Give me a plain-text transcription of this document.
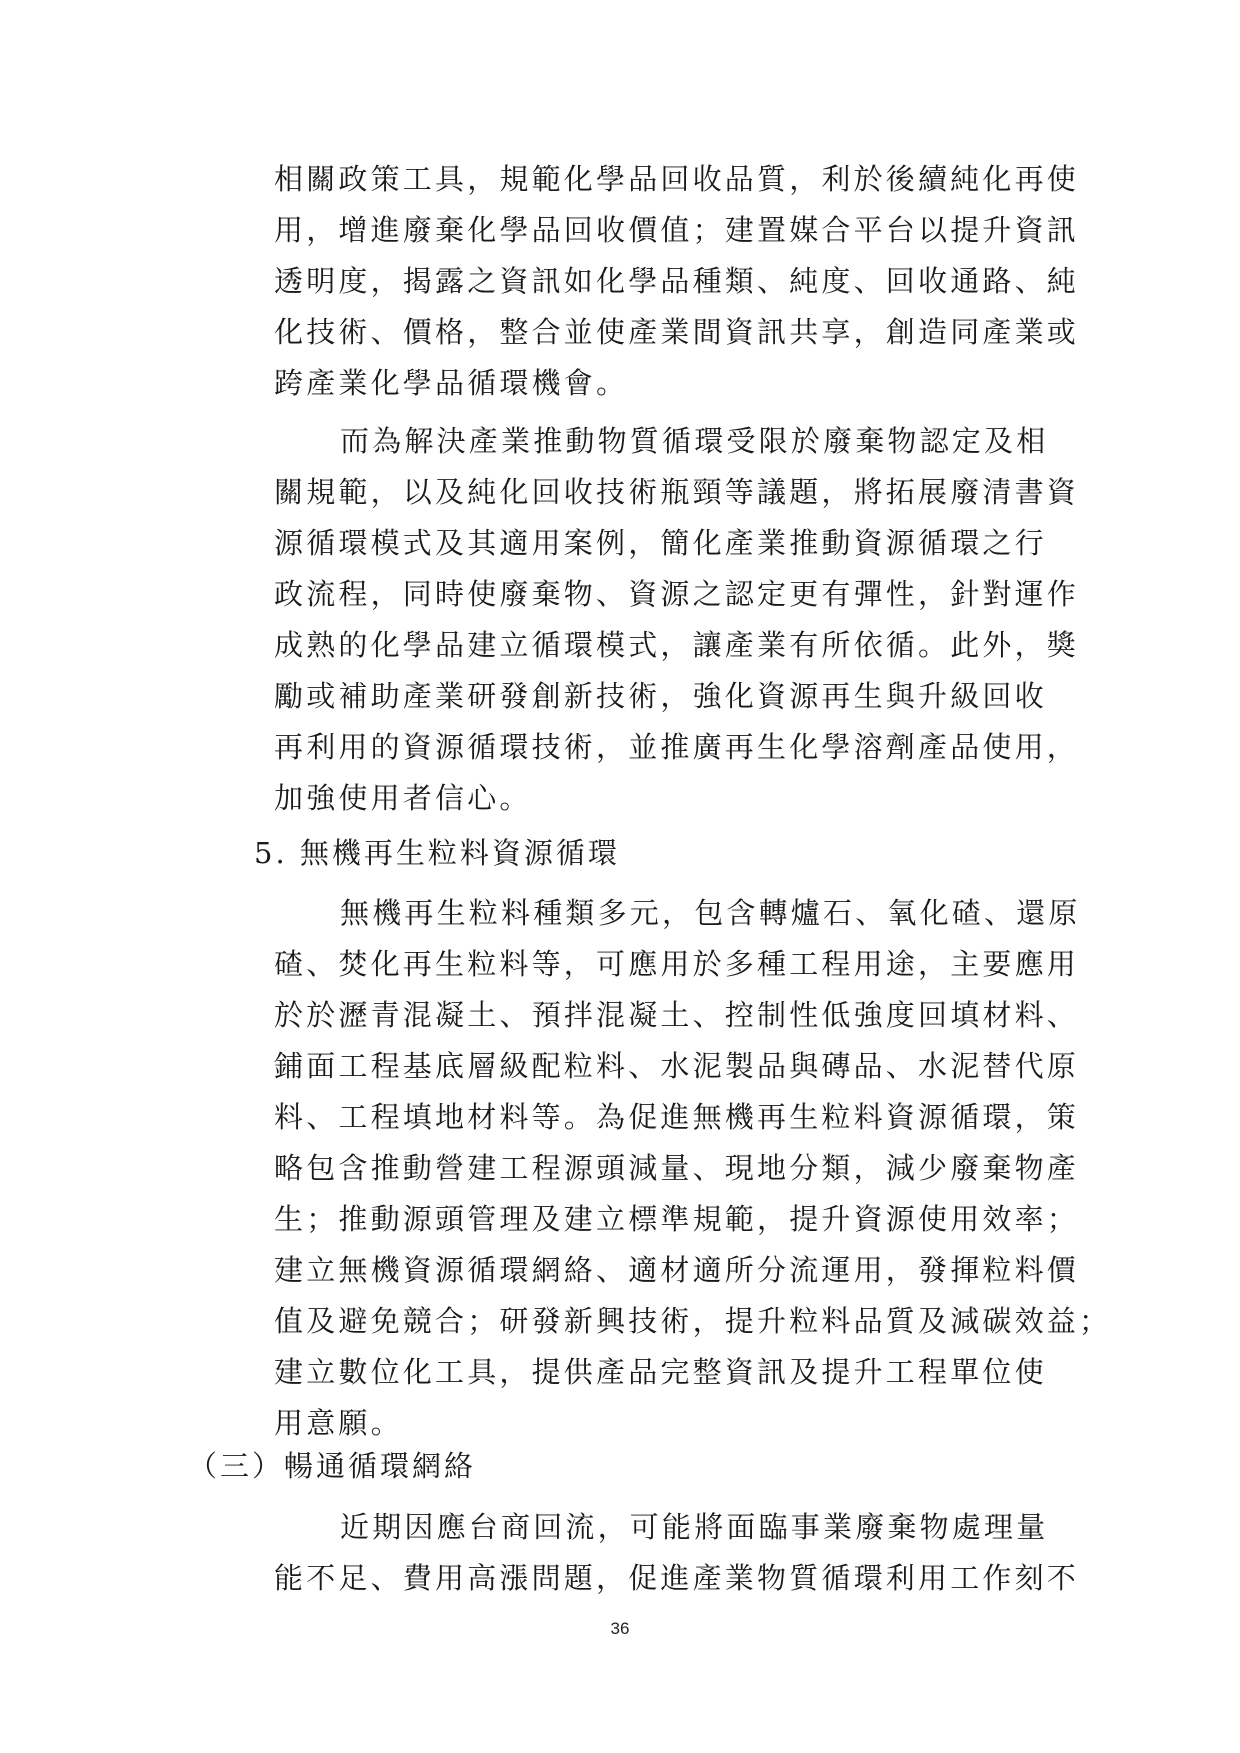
相關政策工具，規範化學品回收品質，利於後續純化再使
用，增進廢棄化學品回收價值；建置媒合平台以提升資訊
透明度，揭露之資訊如化學品種類、純度、回收通路、純
化技術、價格，整合並使產業間資訊共享，創造同產業或
跨產業化學品循環機會。
而為解決產業推動物質循環受限於廢棄物認定及相
關規範，以及純化回收技術瓶頸等議題，將拓展廢清書資
源循環模式及其適用案例，簡化產業推動資源循環之行
政流程，同時使廢棄物、資源之認定更有彈性，針對運作
成熟的化學品建立循環模式，讓產業有所依循。此外，獎
勵或補助產業研發創新技術，強化資源再生與升級回收
再利用的資源循環技術，並推廣再生化學溶劑產品使用，
加強使用者信心。
5. 無機再生粒料資源循環
無機再生粒料種類多元，包含轉爐石、氧化碴、還原
碴、焚化再生粒料等，可應用於多種工程用途，主要應用
於於瀝青混凝土、預拌混凝土、控制性低強度回填材料、
鋪面工程基底層級配粒料、水泥製品與磚品、水泥替代原
料、工程填地材料等。為促進無機再生粒料資源循環，策
略包含推動營建工程源頭減量、現地分類，減少廢棄物產
生；推動源頭管理及建立標準規範，提升資源使用效率；
建立無機資源循環網絡、適材適所分流運用，發揮粒料價
值及避免競合；研發新興技術，提升粒料品質及減碳效益；
建立數位化工具，提供產品完整資訊及提升工程單位使
用意願。
（三）暢通循環網絡
近期因應台商回流，可能將面臨事業廢棄物處理量
能不足、費用高漲問題，促進產業物質循環利用工作刻不
36
